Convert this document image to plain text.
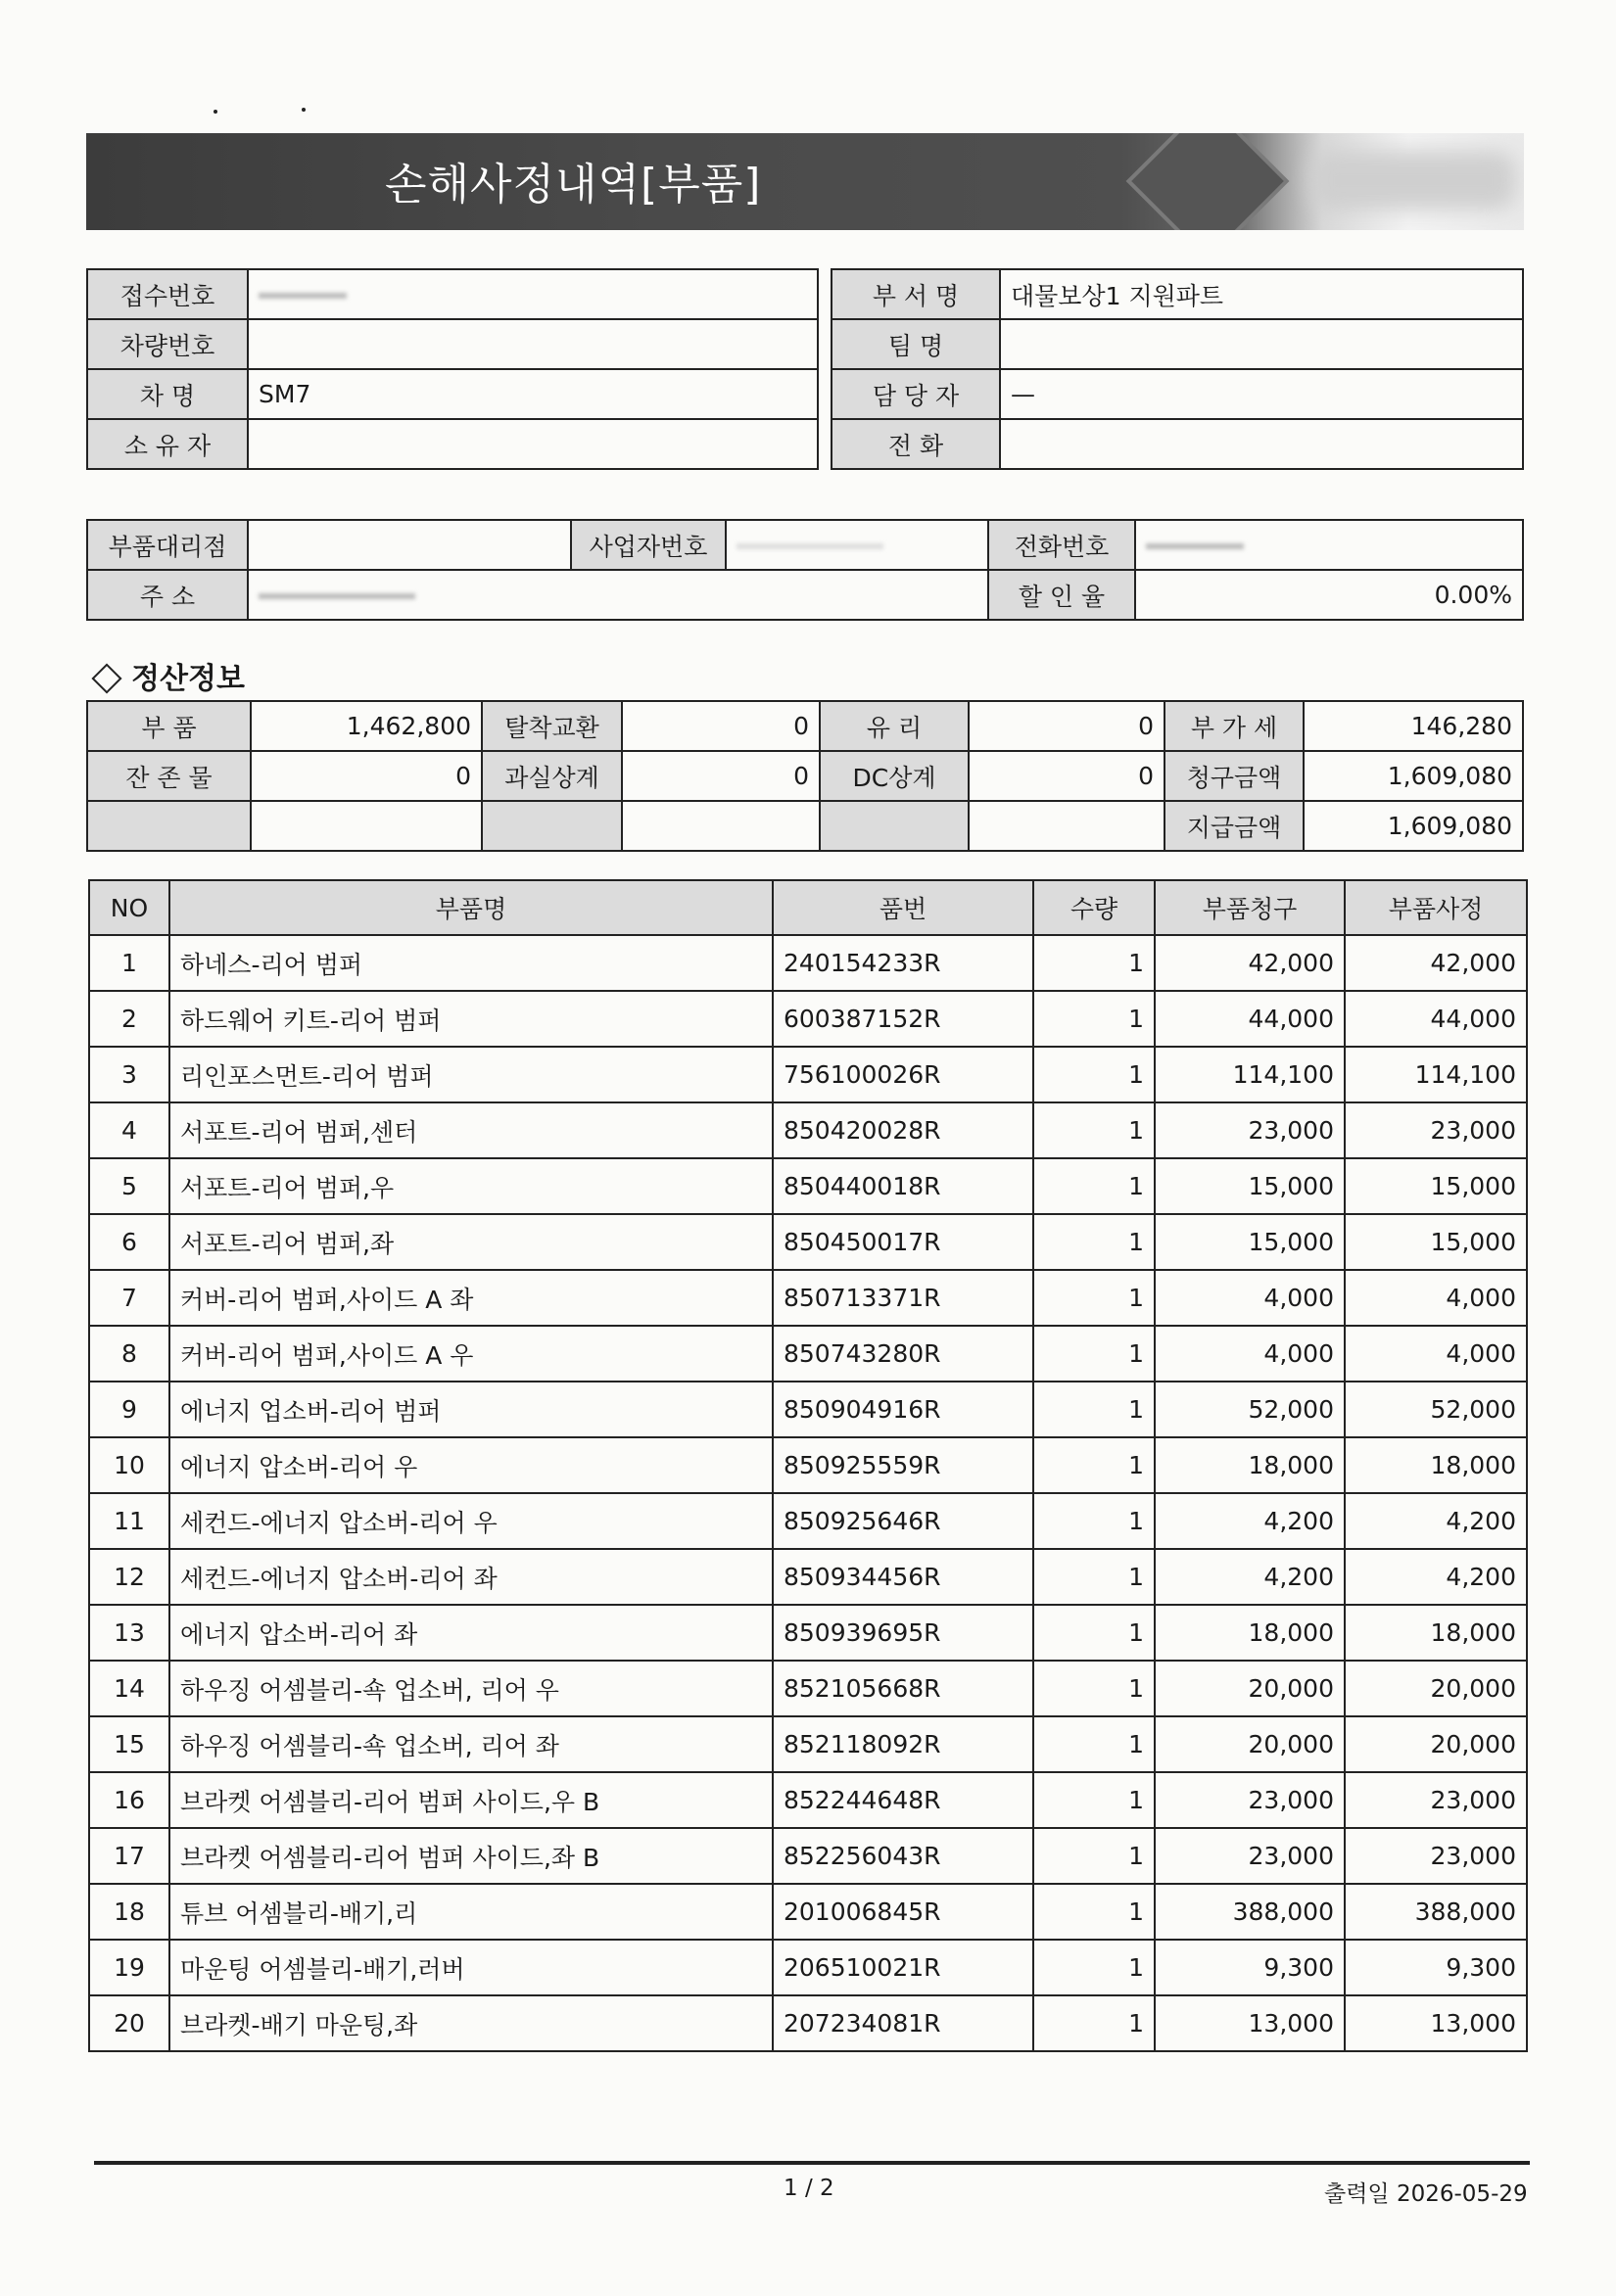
손해사정내역[부품]
접수번호	
차량번호	
차 명	SM7
소 유 자	
부 서 명	대물보상1 지원파트
팀 명	
담 당 자	—
전 화	
부품대리점		사업자번호		전화번호	
주 소				할 인 율	0.00%
정산정보
부 품	1,462,800	탈착교환	0	유 리	0	부 가 세	146,280
잔 존 물	0	과실상계	0	DC상계	0	청구금액	1,609,080
						지급금액	1,609,080
NO	부품명	품번	수량	부품청구	부품사정
1	하네스-리어 범퍼	240154233R	1	42,000	42,000
2	하드웨어 키트-리어 범퍼	600387152R	1	44,000	44,000
3	리인포스먼트-리어 범퍼	756100026R	1	114,100	114,100
4	서포트-리어 범퍼,센터	850420028R	1	23,000	23,000
5	서포트-리어 범퍼,우	850440018R	1	15,000	15,000
6	서포트-리어 범퍼,좌	850450017R	1	15,000	15,000
7	커버-리어 범퍼,사이드 A 좌	850713371R	1	4,000	4,000
8	커버-리어 범퍼,사이드 A 우	850743280R	1	4,000	4,000
9	에너지 업소버-리어 범퍼	850904916R	1	52,000	52,000
10	에너지 압소버-리어 우	850925559R	1	18,000	18,000
11	세컨드-에너지 압소버-리어 우	850925646R	1	4,200	4,200
12	세컨드-에너지 압소버-리어 좌	850934456R	1	4,200	4,200
13	에너지 압소버-리어 좌	850939695R	1	18,000	18,000
14	하우징 어셈블리-쇽 업소버, 리어 우	852105668R	1	20,000	20,000
15	하우징 어셈블리-쇽 업소버, 리어 좌	852118092R	1	20,000	20,000
16	브라켓 어셈블리-리어 범퍼 사이드,우 B	852244648R	1	23,000	23,000
17	브라켓 어셈블리-리어 범퍼 사이드,좌 B	852256043R	1	23,000	23,000
18	튜브 어셈블리-배기,리	201006845R	1	388,000	388,000
19	마운팅 어셈블리-배기,러버	206510021R	1	9,300	9,300
20	브라켓-배기 마운팅,좌	207234081R	1	13,000	13,000
1 / 2	출력일 2026-05-29
